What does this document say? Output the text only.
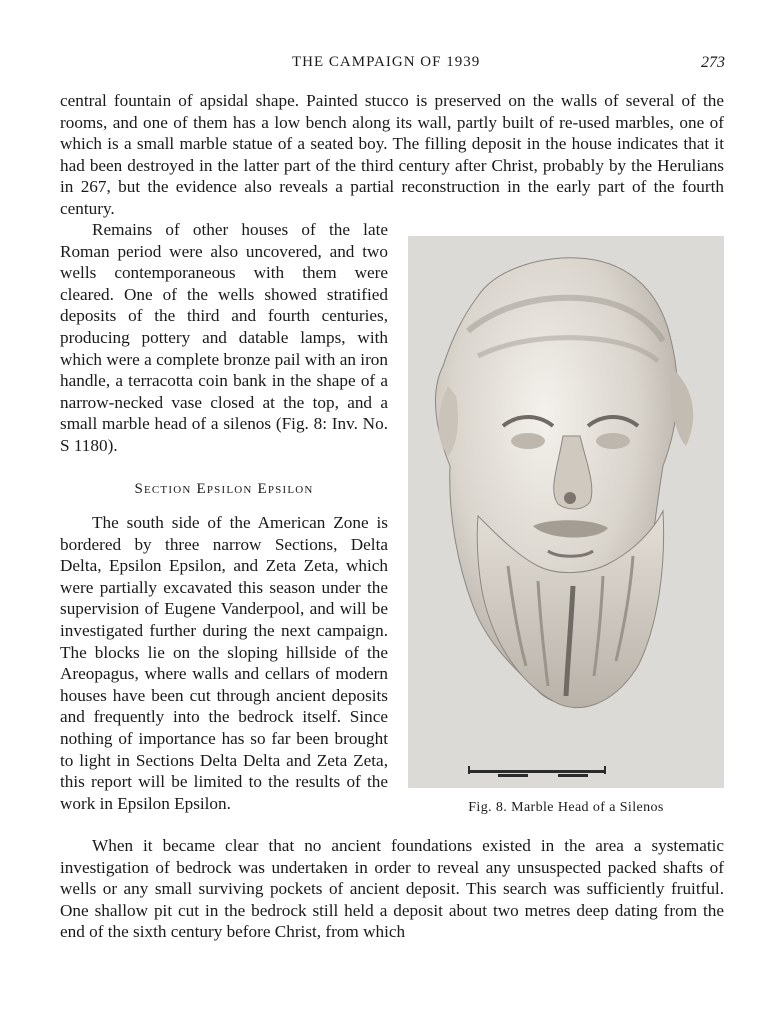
THE CAMPAIGN OF 1939	273
central fountain of apsidal shape. Painted stucco is preserved on the walls of several of the rooms, and one of them has a low bench along its wall, partly built of re-used marbles, one of which is a small marble statue of a seated boy. The filling deposit in the house indicates that it had been destroyed in the latter part of the third century after Christ, probably by the Herulians in 267, but the evidence also reveals a partial reconstruction in the early part of the fourth century.
Remains of other houses of the late Roman period were also uncovered, and two wells contemporaneous with them were cleared. One of the wells showed stratified deposits of the third and fourth centuries, producing pottery and datable lamps, with which were a complete bronze pail with an iron handle, a terracotta coin bank in the shape of a narrow-necked vase closed at the top, and a small marble head of a silenos (Fig. 8: Inv. No. S 1180).
Section Epsilon Epsilon
The south side of the American Zone is bordered by three narrow Sections, Delta Delta, Epsilon Epsilon, and Zeta Zeta, which were partially excavated this season under the supervision of Eugene Vanderpool, and will be investigated further during the next campaign. The blocks lie on the sloping hillside of the Areopagus, where walls and cellars of modern houses have been cut through ancient deposits and frequently into the bedrock itself. Since nothing of importance has so far been brought to light in Sections Delta Delta and Zeta Zeta, this report will be limited to the results of the work in Epsilon Epsilon.
When it became clear that no ancient foundations existed in the area a systematic investigation of bedrock was undertaken in order to reveal any unsuspected packed shafts of wells or any small surviving pockets of ancient deposit. This search was sufficiently fruitful. One shallow pit cut in the bedrock still held a deposit about two metres deep dating from the end of the sixth century before Christ, from which
Fig. 8. Marble Head of a Silenos
